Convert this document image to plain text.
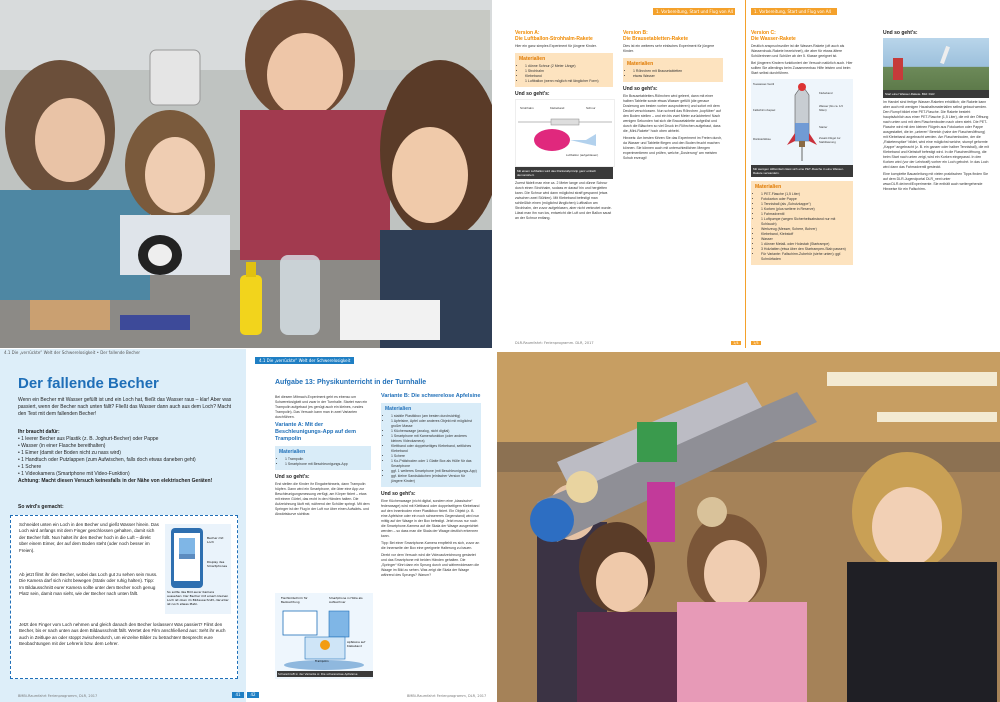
1. Vorbereitung, Start und Flug von A4	1. Vorbereitung, Start und Flug von A4
Version A:
Die Luftballon-Strohhalm-Rakete

Hier ein ganz simples Experiment für jüngere Kinder.

Materialien
• 1 dünne Schnur (2 Meter Länge)
• 1 Strohhalm
• Klebeband
• 1 Luftballon (wenn möglich mit länglicher Form)
Und so geht's:
Strohhalm	Klebeband	Schnur
Luftballon (aufgeblasen)
Mit einem Luftballon wird das Rückstoßprinzip ganz einfach demonstriert.

Zuerst fädelt man eine ca. 2 Meter lange und dünne Schnur durch einen Strohhalm, sodass er darauf hin und hergleiten kann. Die Schnur wird dann möglichst straff gespannt (etwa zwischen zwei Stühlen). Mit Klebeband befestigt man schließlich einen (möglichst länglichen) Luftballon am Strohhalm, der zuvor aufgeblasen, aber nicht verknotet wurde. Lässt man ihn nun los, entweicht die Luft und der Ballon saust an der Schnur entlang.

Version B:
Die Brausetabletten-Rakete

Dies ist ein weiteres sehr einfaches Experiment für jüngere Kinder.

Materialien
• 1 Röhrchen mit Brausetabletten
• etwas Wasser
Und so geht's:

Ein Brausetabletten-Röhrchen wird geleert, dann mit einer halben Tablette sowie etwas Wasser gefüllt (die genaue Dosierung am besten vorher ausprobieren) und sofort mit dem Deckel verschlossen. Nun schnell das Röhrchen „kopfüber“ auf den Boden stellen – und ein bis zwei Meter zurücktreten! Nach wenigen Sekunden hat sich die Brausetablette aufgelöst und durch die Bläschen so viel Druck im Röhrchen aufgebaut, dass die „Mini-Rakete“ hoch oben abhebt.

Hinweis: Am besten führen Sie das Experiment im Freien durch, da Wasser und Tablette fliegen und den Boden feucht machen können. Sie können auch mit unterschiedlichen Mengen experimentieren und prüfen, welche „Dosierung“ am meisten Schub erzeugt!

Version C:
Die Wasser-Rakete

Deutlich anspruchsvoller ist die Wasser-Rakete (oft auch als Wasserdruck-Rakete bezeichnet), die aber für etwas ältere Schülerinnen und Schüler ab der 5. Klasse geeignet ist.

Bei jüngeren Kindern funktioniert der Versuch natürlich auch. Hier sollten Sie allerdings beim Zusammenbau Hilfe leisten und beim Start selbst durchführen.

Teewasser-Ventil
Fallschirm-Kapsel
Klebeband
Wasser (bis ca. 1/3 füllen)
Rückstoßdüse
Starter
Zusatz-Flügel zur Stabilisierung
Mit wenigen Hilfsmitteln lässt sich eine PET-Flasche in eine Wasser-Rakete verwandeln.
Materialien
• 1 PET-Flasche (1,5 Liter)
• Fotokarton oder Pappe
• 1 Tennisball (als „Schutzkappe“)
• 1 Korken (plus weitere in Reserve)
• 1 Fahrradventil
• 1 Luftpumpe (wegen Sicherheitsabstand nur mit Schlauch)
• Werkzeug (Messer, Schere, Bohrer)
• Klebeband, Klebstoff
• Wasser
• 1 dünner Metall- oder Holzstab (Startrampe)
• 3 Holzlatten (etwa über den Startrampen-Stab passen)
• Für Variante: Fallschirm-Zubehör (siehe unten): ggf. Schnürfaden
Und so geht's:
Start einer Wasser-Rakete. Bild: DLR

Im Handel sind fertige Wasser-Raketen erhältlich; die Rakete kann aber auch mit wenigen Haushaltsmaterialien selbst gebaut werden. Den Rumpf bildet eine PET-Flasche. Die Rakete besteht hauptsächlich aus einer PET-Flasche (1,5 Liter), die mit der Öffnung nach unten und mit dem Flaschenboden nach oben steht. Die PET-Flasche wird mit den kleinen Flügeln aus Fotokarton oder Pappe ausgestattet, die im „unteren“ Bereich (nahe der Flaschenöffnung) mit Klebeband angebracht werden. Am Flaschenboden, der die „Raketenspitze“ bildet, wird eine möglichst weiche, stumpf geformte „Kappe“ angebracht (z. B. ein ganzer oder halber Tennisball), die mit Klebeband und Klebstoff befestigt wird. In die Flaschenöffnung, die beim Start nach unten zeigt, wird ein Korken eingepasst. In den Korken wird (vor der Lehrkraft) vorher ein Loch gebohrt. In das Loch wird dann das Fahrradventil gesteckt.

Eine komplette Bauanleitung mit vielen praktischen Tipps finden Sie auf dem DLR-Jugendportal DLR_next unter www.DLR.de/next/Experimente. Sie enthält auch weitergehende Hinweise für ein Fallschirm-

DLR-Raumfahrt: Ferienprogramm. DLR, 2017	1/4	1/5
4.1 Die „verrückte“ Welt der Schwerelosigkeit • Der fallende Becher
Der fallende Becher
Wenn ein Becher mit Wasser gefüllt ist und ein Loch hat, fließt das Wasser raus – klar! Aber was passiert, wenn der Becher nach unten fällt? Fließt das Wasser dann auch aus dem Loch? Macht den Test mit dem fallenden Becher!
Ihr braucht dafür:
• 1 leerer Becher aus Plastik (z. B. Joghurt-Becher) oder Pappe
• Wasser (in einer Flasche bereithalten)
• 1 Eimer (damit der Boden nicht zu nass wird)
• 1 Handtuch oder Putzlappen (zum Aufwischen, falls doch etwas daneben geht)
• 1 Schere
• 1 Videokamera (Smartphone mit Video-Funktion)
Achtung: Macht diesen Versuch keinesfalls in der Nähe von elektrischen Geräten!
So wird's gemacht:
Schneidet unten ein Loch in den Becher und gießt Wasser hinein. Das Loch wird anfangs mit dem Finger geschlossen gehalten, damit sich der Becher füllt. Nun haltet ihr den Becher hoch in die Luft – direkt über einem Eimer, der auf dem Boden steht (oder noch besser im Freien).
Ab jetzt filmt ihr den Becher, wobei das Loch gut zu sehen sein muss. Die Kamera darf sich nicht bewegen (Stativ oder ruhig halten). Tipp: Im Bildausschnitt eurer Kamera sollte unter dem Becher noch genug Platz sein, damit man sieht, wie der Becher nach unten fällt.
Jetzt den Finger vom Loch nehmen und gleich danach den Becher loslassen! Was passiert? Filmt den Becher, bis er nach unten aus dem Bildausschnitt fällt. Wertet den Film anschließend aus: Seht ihr euch auch in Zeitlupe an oder stoppt zwischendurch, um einzelne Bilder zu betrachten! Besprecht eure Beobachtungen mit der Lehrerin bzw. dem Lehrer.
Becher mit Loch
Display des Smartphones
So sollte das Bild eurer Kamera aussehen: Der Becher mit einem kleinen Loch ist oben im Bildausschnitt, darunter ist noch etwas Platz.
BMBi-Raumfahrt Ferienprogramm, DLR, 2017	41
4.1 Die „verrückte“ Welt der Schwerelosigkeit
Aufgabe 13: Physikunterricht in der Turnhalle

Bei diesem Mitmach-Experiment geht es ebenso um Schwerelosigkeit und zwar in der Turnhalle. Startet man ein Trampolin aufgebaut (es genügt auch ein kleines, rundes Trampolin). Das Versuch kann man in zwei Varianten durchführen.

Variante A: Mit der Beschleunigungs-App auf dem Trampolin
Materialien
• 1 Trampolin
• 1 Smartphone mit Beschleunigungs-App
Und so geht's:

Erst stellen die Kinder ihr Eingabehinweis, dann Trampolin hüpfen. Dann wird ein Smartphone, die über eine App zur Beschleunigungsmessung verfügt, am Körper fixiert – etwa mit einem Gürtel, das recht in den Händen halten. Die Aufzeichnung läuft mit, während der Schüler springt. Mit dem Springer ist der Flug in der Luft nur über einen Aufwärts- und Abwärtskurve sichtbar.

Flachbildschirm für Beobachtung
Smartphone in Hülle als Aufzeichner
Apfelsine auf Klebeband
Trampolin
Schwerkraft in der Variante A: Die schwerelose Apfelsine
Variante B: Die schwerelose Apfelsine
Materialien
• 1 stabile Plastikbox (am besten durchsichtig)
• 1 Apfelsine, Apfel oder anderes Objekt mit möglichst großer Masse
• 1 Küchenwaage (analog, nicht digital)
• 1 Smartphone mit Kamerafunktion (oder anderes kleines Videokamera)
• Klettband oder doppelseitiges Klebeband, seitliches Klebeband
• 1 Schere
• 1 Ko-Prätzboden oder 1 Glatte Box als Hülle für das Smartphone
• ggf. 1 weiteres Smartphone (mit Beschleunigungs-App)
• ggf. kleine Sandsäckchen (einfacher Version für jüngere Kinder)
Und so geht's:

Eine Küchenwaage (nicht digital, sondern eine „klassische“ federwaage) wird mit Klettband oder doppelseitigem Klebeband auf den Innenboden einer Plastikbox fixiert. Ein Objekt (z. B. eine Apfelsine oder ein noch schwereres Gegenstand) wird nun mittig auf der Waage in der Box befestigt. Jetzt muss nur noch die Smartphone-Kamera auf die Skala der Waage ausgerichtet werden – so dass man die Skala der Waage deutlich erkennen kann.

Tipp: Bei einer Smartphone-Kamera empfiehlt es sich, zuvor an die Innenseite der Box eine geeignete Halterung zu bauen.

Direkt vor dem Versuch wird die Videoaufzeichnung gestartet und das Smartphone mit beiden Händen gehalten. Die „Springer“ führt dann ein Sprung durch und währenddessen die Waage im Bild zu sehen. Was zeigt die Skala der Waage während des Sprungs? Warum?

42	BMBi-Raumfahrt Ferienprogramm, DLR, 2017
